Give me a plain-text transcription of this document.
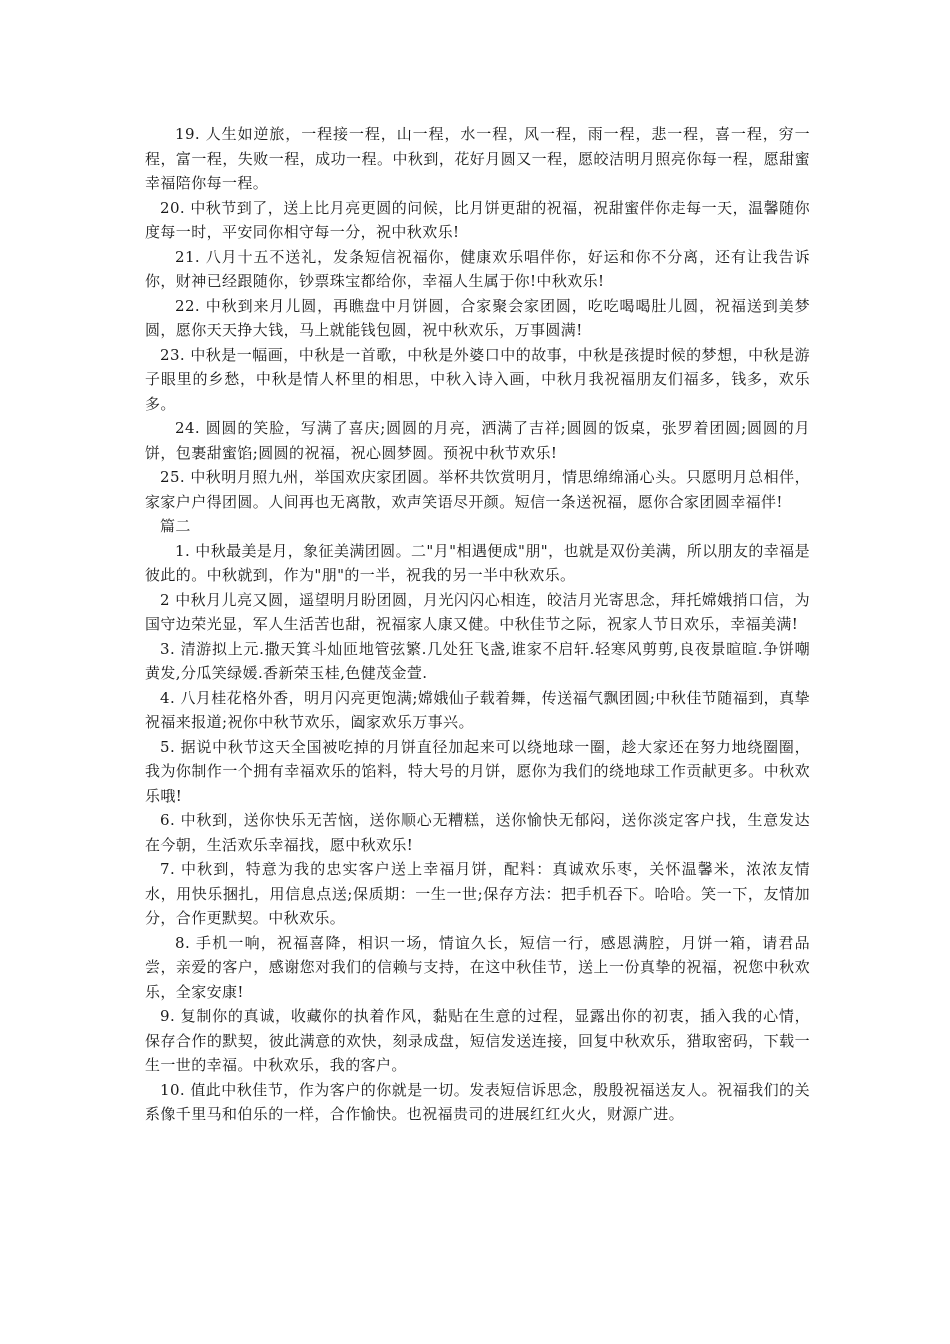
19. 人生如逆旅，一程接一程，山一程，水一程，风一程，雨一程，悲一程，喜一程，穷一程，富一程，失败一程，成功一程。中秋到，花好月圆又一程，愿皎洁明月照亮你每一程，愿甜蜜幸福陪你每一程。

20. 中秋节到了，送上比月亮更圆的问候，比月饼更甜的祝福，祝甜蜜伴你走每一天，温馨随你度每一时，平安同你相守每一分，祝中秋欢乐!

21. 八月十五不送礼，发条短信祝福你，健康欢乐唱伴你，好运和你不分离，还有让我告诉你，财神已经跟随你，钞票珠宝都给你，幸福人生属于你!中秋欢乐!

22. 中秋到来月儿圆，再瞧盘中月饼圆，合家聚会家团圆，吃吃喝喝肚儿圆，祝福送到美梦圆，愿你天天挣大钱，马上就能钱包圆，祝中秋欢乐，万事圆满!

23. 中秋是一幅画，中秋是一首歌，中秋是外婆口中的故事，中秋是孩提时候的梦想，中秋是游子眼里的乡愁，中秋是情人杯里的相思，中秋入诗入画，中秋月我祝福朋友们福多，钱多，欢乐多。

24. 圆圆的笑脸，写满了喜庆;圆圆的月亮，洒满了吉祥;圆圆的饭桌，张罗着团圆;圆圆的月饼，包裹甜蜜馅;圆圆的祝福，祝心圆梦圆。预祝中秋节欢乐!

25. 中秋明月照九州，举国欢庆家团圆。举杯共饮赏明月，情思绵绵涌心头。只愿明月总相伴，家家户户得团圆。人间再也无离散，欢声笑语尽开颜。短信一条送祝福，愿你合家团圆幸福伴!

篇二

1. 中秋最美是月，象征美满团圆。二"月"相遇便成"朋"，也就是双份美满，所以朋友的幸福是彼此的。中秋就到，作为"朋"的一半，祝我的另一半中秋欢乐。

2 中秋月儿亮又圆，遥望明月盼团圆，月光闪闪心相连，皎洁月光寄思念，拜托嫦娥捎口信，为国守边荣光显，军人生活苦也甜，祝福家人康又健。中秋佳节之际，祝家人节日欢乐，幸福美满!

3. 清游拟上元.撒天箕斗灿匝地管弦繁.几处狂飞盏,谁家不启轩.轻寒风剪剪,良夜景暄暄.争饼嘲黄发,分瓜笑绿媛.香新荣玉桂,色健茂金萱.

4. 八月桂花格外香，明月闪亮更饱满;嫦娥仙子载着舞，传送福气飘团圆;中秋佳节随福到，真挚祝福来报道;祝你中秋节欢乐，阖家欢乐万事兴。

5. 据说中秋节这天全国被吃掉的月饼直径加起来可以绕地球一圈，趁大家还在努力地绕圈圈，我为你制作一个拥有幸福欢乐的馅料，特大号的月饼，愿你为我们的绕地球工作贡献更多。中秋欢乐哦!

6. 中秋到，送你快乐无苦恼，送你顺心无糟糕，送你愉快无郁闷，送你淡定客户找，生意发达在今朝，生活欢乐幸福找，愿中秋欢乐!

7. 中秋到，特意为我的忠实客户送上幸福月饼，配料：真诚欢乐枣，关怀温馨米，浓浓友情水，用快乐捆扎，用信息点送;保质期：一生一世;保存方法：把手机吞下。哈哈。笑一下，友情加分，合作更默契。中秋欢乐。

8. 手机一响，祝福喜降，相识一场，情谊久长，短信一行，感恩满腔，月饼一箱，请君品尝，亲爱的客户，感谢您对我们的信赖与支持，在这中秋佳节，送上一份真挚的祝福，祝您中秋欢乐，全家安康!

9. 复制你的真诚，收藏你的执着作风，黏贴在生意的过程，显露出你的初衷，插入我的心情，保存合作的默契，彼此满意的欢快，刻录成盘，短信发送连接，回复中秋欢乐，猎取密码，下载一生一世的幸福。中秋欢乐，我的客户。

10. 值此中秋佳节，作为客户的你就是一切。发表短信诉思念，殷殷祝福送友人。祝福我们的关系像千里马和伯乐的一样，合作愉快。也祝福贵司的进展红红火火，财源广进。
